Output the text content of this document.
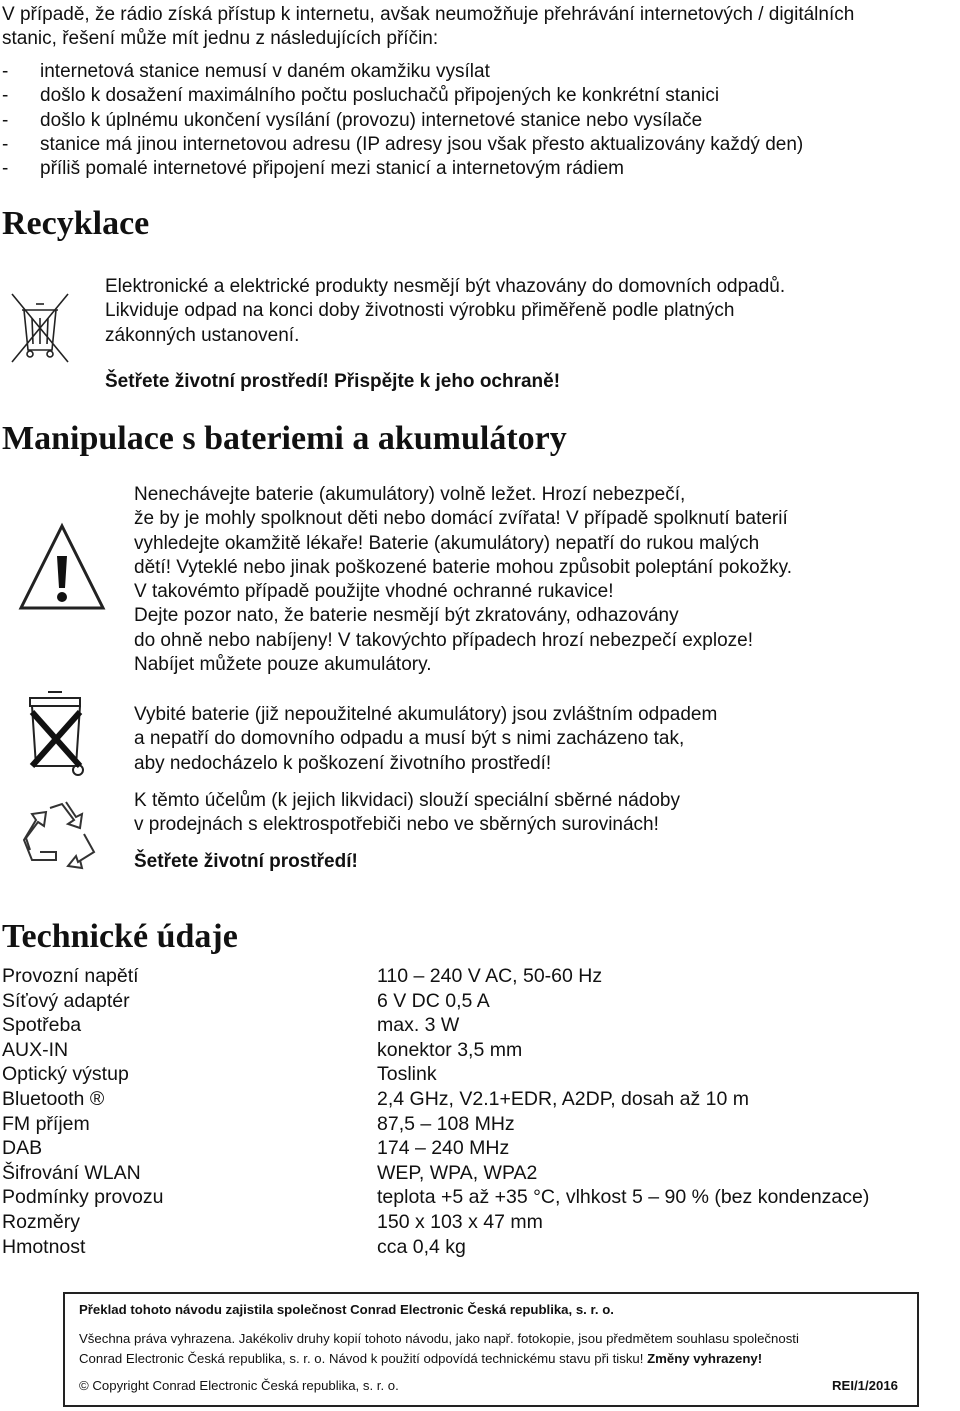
V případě, že rádio získá přístup k internetu, avšak neumožňuje přehrávání internetových / digitálních
stanic, řešení může mít jednu z následujících příčin:
- internetová stanice nemusí v daném okamžiku vysílat
- došlo k dosažení maximálního počtu posluchačů připojených ke konkrétní stanici
- došlo k úplnému ukončení vysílání (provozu) internetové stanice nebo vysílače
- stanice má jinou internetovou adresu (IP adresy jsou však přesto aktualizovány každý den)
- příliš pomalé internetové připojení mezi stanicí a internetovým rádiem
Recyklace
Elektronické a elektrické produkty nesmějí být vhazovány do domovních odpadů.
Likviduje odpad na konci doby životnosti výrobku přiměřeně podle platných
zákonných ustanovení.
Šetřete životní prostředí! Přispějte k jeho ochraně!
Manipulace s bateriemi a akumulátory
Nenechávejte baterie (akumulátory) volně ležet. Hrozí nebezpečí,
že by je mohly spolknout děti nebo domácí zvířata! V případě spolknutí baterií
vyhledejte okamžitě lékaře! Baterie (akumulátory) nepatří do rukou malých
dětí! Vyteklé nebo jinak poškozené baterie mohou způsobit poleptání pokožky.
V takovémto případě použijte vhodné ochranné rukavice!
Dejte pozor nato, že baterie nesmějí být zkratovány, odhazovány
do ohně nebo nabíjeny! V takovýchto případech hrozí nebezpečí exploze!
Nabíjet můžete pouze akumulátory.
Vybité baterie (již nepoužitelné akumulátory) jsou zvláštním odpadem
a nepatří do domovního odpadu a musí být s nimi zacházeno tak,
aby nedocházelo k poškození životního prostředí!
K těmto účelům (k jejich likvidaci) slouží speciální sběrné nádoby
v prodejnách s elektrospotřebiči nebo ve sběrných surovinách!
Šetřete životní prostředí!
Technické údaje
Provozní napětí	110 – 240 V AC, 50-60 Hz
Síťový adaptér	6 V DC 0,5 A
Spotřeba	max. 3 W
AUX-IN	konektor 3,5 mm
Optický výstup	Toslink
Bluetooth ®	2,4 GHz, V2.1+EDR, A2DP, dosah až 10 m
FM příjem	87,5 – 108 MHz
DAB	174 – 240 MHz
Šifrování WLAN	WEP, WPA, WPA2
Podmínky provozu	teplota +5 až +35 °C, vlhkost 5 – 90 % (bez kondenzace)
Rozměry	150 x 103 x 47 mm
Hmotnost	cca 0,4 kg
Překlad tohoto návodu zajistila společnost Conrad Electronic Česká republika, s. r. o.
Všechna práva vyhrazena. Jakékoliv druhy kopií tohoto návodu, jako např. fotokopie, jsou předmětem souhlasu společnosti
Conrad Electronic Česká republika, s. r. o. Návod k použití odpovídá technickému stavu při tisku! Změny vyhrazeny!
© Copyright Conrad Electronic Česká republika, s. r. o.	REI/1/2016
